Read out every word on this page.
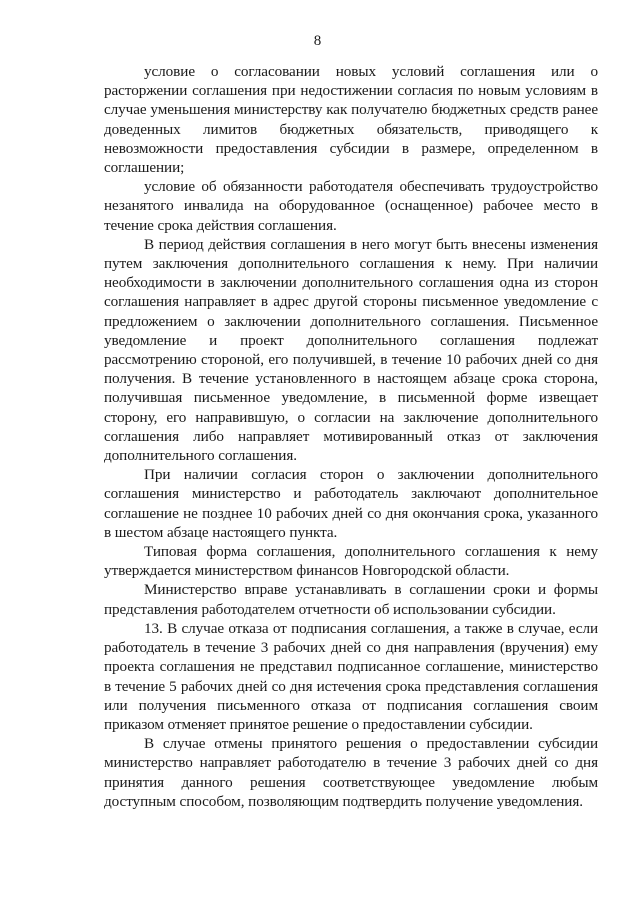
8

условие о согласовании новых условий соглашения или о расторжении соглашения при недостижении согласия по новым условиям в случае уменьшения министерству как получателю бюджетных средств ранее доведенных лимитов бюджетных обязательств, приводящего к невозможности предоставления субсидии в размере, определенном в соглашении;

условие об обязанности работодателя обеспечивать трудоустройство незанятого инвалида на оборудованное (оснащенное) рабочее место в течение срока действия соглашения.

В период действия соглашения в него могут быть внесены изменения путем заключения дополнительного соглашения к нему. При наличии необходимости в заключении дополнительного соглашения одна из сторон соглашения направляет в адрес другой стороны письменное уведомление с предложением о заключении дополнительного соглашения. Письменное уведомление и проект дополнительного соглашения подлежат рассмотрению стороной, его получившей, в течение 10 рабочих дней со дня получения. В течение установленного в настоящем абзаце срока сторона, получившая письменное уведомление, в письменной форме извещает сторону, его направившую, о согласии на заключение дополнительного соглашения либо направляет мотивированный отказ от заключения дополнительного соглашения.

При наличии согласия сторон о заключении дополнительного соглашения министерство и работодатель заключают дополнительное соглашение не позднее 10 рабочих дней со дня окончания срока, указанного в шестом абзаце настоящего пункта.

Типовая форма соглашения, дополнительного соглашения к нему утверждается министерством финансов Новгородской области.

Министерство вправе устанавливать в соглашении сроки и формы представления работодателем отчетности об использовании субсидии.

13. В случае отказа от подписания соглашения, а также в случае, если работодатель в течение 3 рабочих дней со дня направления (вручения) ему проекта соглашения не представил подписанное соглашение, министерство в течение 5 рабочих дней со дня истечения срока представления соглашения или получения письменного отказа от подписания соглашения своим приказом отменяет принятое решение о предоставлении субсидии.

В случае отмены принятого решения о предоставлении субсидии министерство направляет работодателю в течение 3 рабочих дней со дня принятия данного решения соответствующее уведомление любым доступным способом, позволяющим подтвердить получение уведомления.
